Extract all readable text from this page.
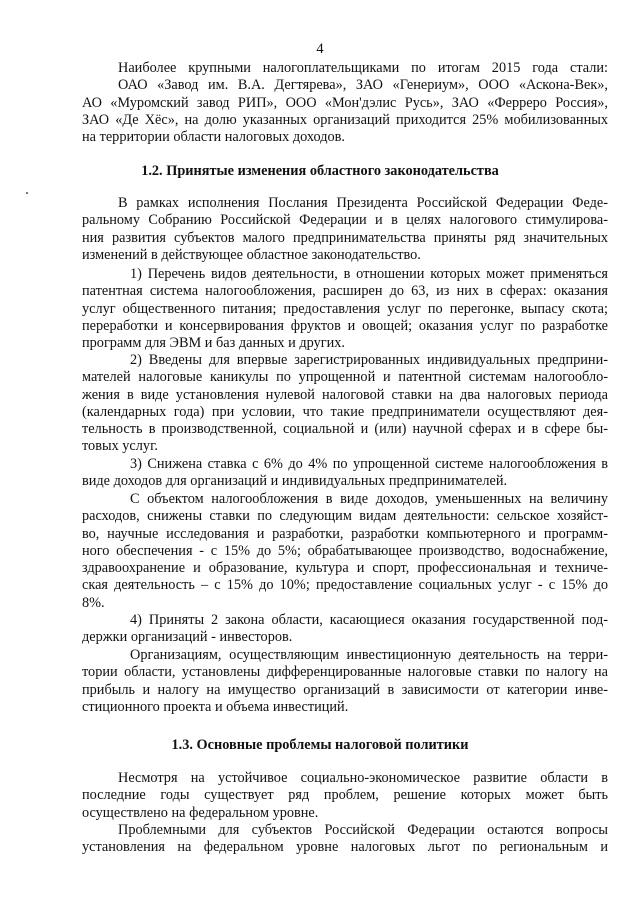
4
Наиболее крупными налогоплательщиками по итогам 2015 года стали:
ОАО «Завод им. В.А. Дегтярева», ЗАО «Генериум», ООО «Аскона-Век»,
АО «Муромский завод РИП», ООО «Мон'дэлис Русь», ЗАО «Ферреро Россия»,
ЗАО «Де Хёс», на долю указанных организаций приходится 25% мобилизованных
на территории области налоговых доходов.
1.2. Принятые изменения областного законодательства
В рамках исполнения Послания Президента Российской Федерации Феде-
ральному Собранию Российской Федерации и в целях налогового стимулирова-
ния развития субъектов малого предпринимательства приняты ряд значительных
изменений в действующее областное законодательство.
1) Перечень видов деятельности, в отношении которых может применяться
патентная система налогообложения, расширен до 63, из них в сферах: оказания
услуг общественного питания; предоставления услуг по перегонке, выпасу скота;
переработки и консервирования фруктов и овощей; оказания услуг по разработке
программ для ЭВМ и баз данных и других.
2) Введены для впервые зарегистрированных индивидуальных предприни-
мателей налоговые каникулы по упрощенной и патентной системам налогообло-
жения в виде установления нулевой налоговой ставки на два налоговых периода
(календарных года) при условии, что такие предприниматели осуществляют дея-
тельность в производственной, социальной и (или) научной сферах и в сфере бы-
товых услуг.
3) Снижена ставка с 6% до 4% по упрощенной системе налогообложения в
виде доходов для организаций и индивидуальных предпринимателей.
С объектом налогообложения в виде доходов, уменьшенных на величину
расходов, снижены ставки по следующим видам деятельности: сельское хозяйст-
во, научные исследования и разработки, разработки компьютерного и программ-
ного обеспечения - с 15% до 5%; обрабатывающее производство, водоснабжение,
здравоохранение и образование, культура и спорт, профессиональная и техниче-
ская деятельность – с 15% до 10%; предоставление социальных услуг - с 15% до
8%.
4) Приняты 2 закона области, касающиеся оказания государственной под-
держки организаций - инвесторов.
Организациям, осуществляющим инвестиционную деятельность на терри-
тории области, установлены дифференцированные налоговые ставки по налогу на
прибыль и налогу на имущество организаций в зависимости от категории инве-
стиционного проекта и объема инвестиций.
1.3. Основные проблемы налоговой политики
Несмотря на устойчивое социально-экономическое развитие области в
последние годы существует ряд проблем, решение которых может быть
осуществлено на федеральном уровне.
Проблемными для субъектов Российской Федерации остаются вопросы
установления на федеральном уровне налоговых льгот по региональным и
